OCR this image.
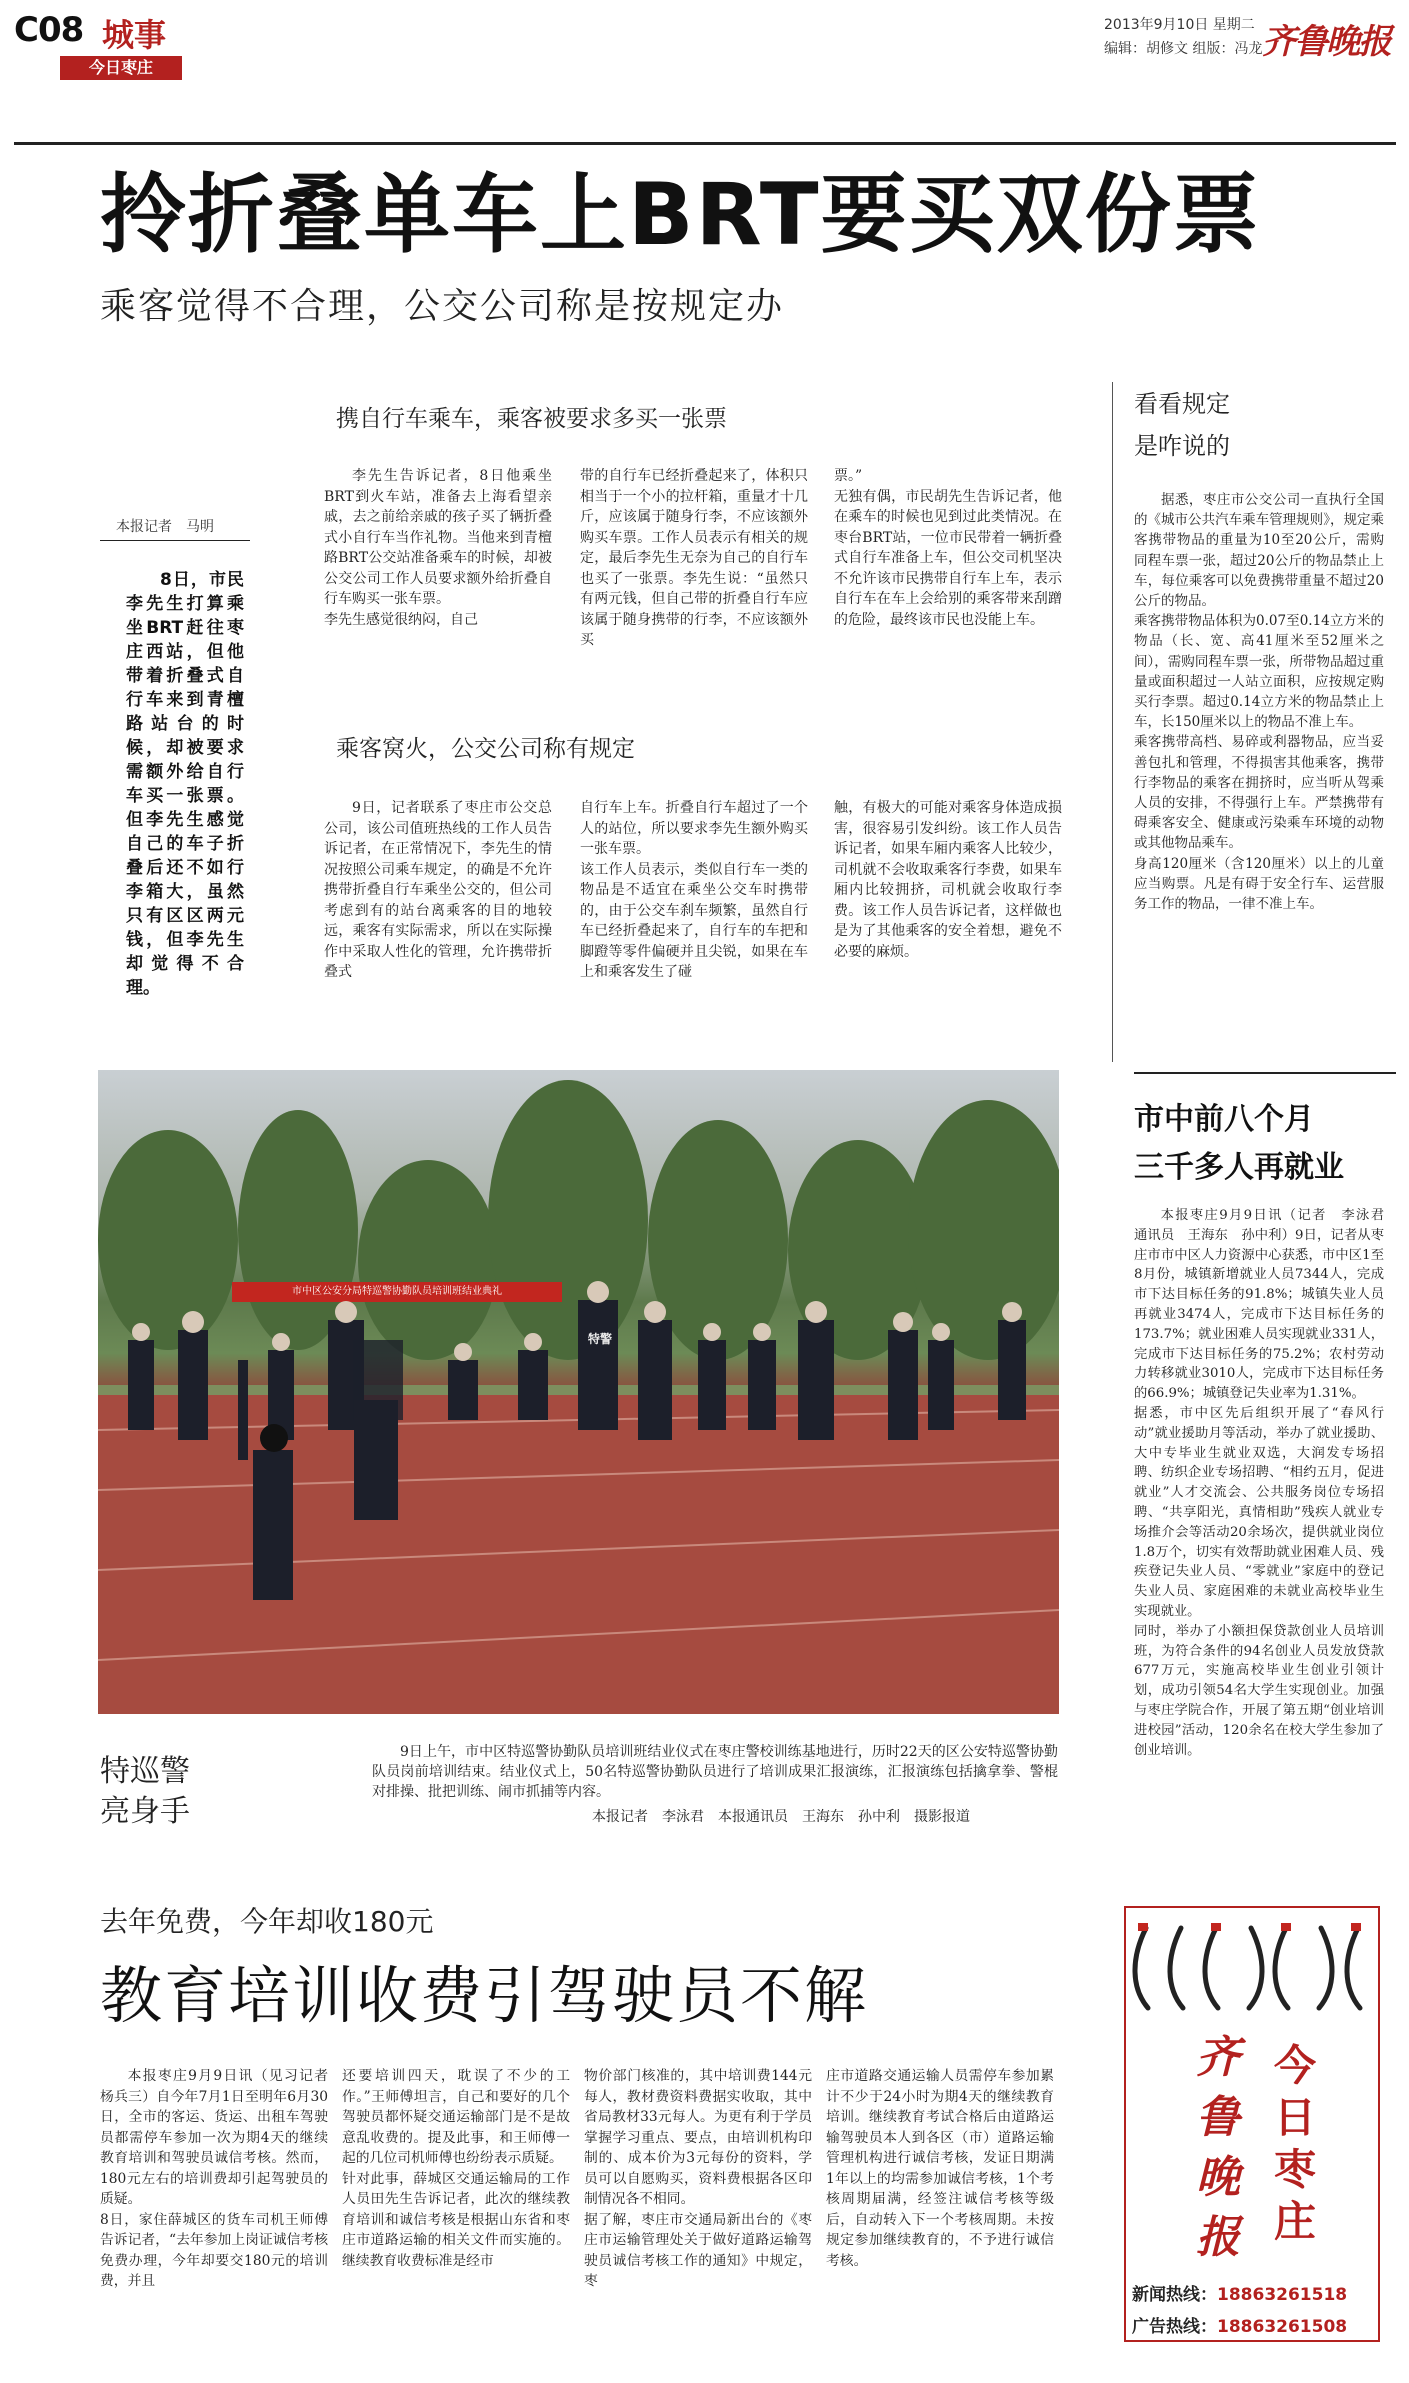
C08 城事
今日枣庄
2013年9月10日 星期二
编辑：胡修文 组版：冯龙 齐鲁晚报
拎折叠单车上BRT要买双份票
乘客觉得不合理，公交公司称是按规定办
本报记者　马明
8日，市民李先生打算乘坐BRT赶往枣庄西站，但他带着折叠式自行车来到青檀路站台的时候，却被要求需额外给自行车买一张票。但李先生感觉自己的车子折叠后还不如行李箱大，虽然只有区区两元钱，但李先生却觉得不合理。
携自行车乘车，乘客被要求多买一张票

李先生告诉记者，8日他乘坐BRT到火车站，准备去上海看望亲戚，去之前给亲戚的孩子买了辆折叠式小自行车当作礼物。当他来到青檀路BRT公交站准备乘车的时候，却被公交公司工作人员要求额外给折叠自行车购买一张车票。
李先生感觉很纳闷，自己

带的自行车已经折叠起来了，体积只相当于一个小的拉杆箱，重量才十几斤，应该属于随身行李，不应该额外购买车票。工作人员表示有相关的规定，最后李先生无奈为自己的自行车也买了一张票。李先生说：“虽然只有两元钱，但自己带的折叠自行车应该属于随身携带的行李，不应该额外买

票。”
无独有偶，市民胡先生告诉记者，他在乘车的时候也见到过此类情况。在枣台BRT站，一位市民带着一辆折叠式自行车准备上车，但公交司机坚决不允许该市民携带自行车上车，表示自行车在车上会给别的乘客带来刮蹭的危险，最终该市民也没能上车。

乘客窝火，公交公司称有规定

9日，记者联系了枣庄市公交总公司，该公司值班热线的工作人员告诉记者，在正常情况下，李先生的情况按照公司乘车规定，的确是不允许携带折叠自行车乘坐公交的，但公司考虑到有的站台离乘客的目的地较远，乘客有实际需求，所以在实际操作中采取人性化的管理，允许携带折叠式

自行车上车。折叠自行车超过了一个人的站位，所以要求李先生额外购买一张车票。
该工作人员表示，类似自行车一类的物品是不适宜在乘坐公交车时携带的，由于公交车刹车频繁，虽然自行车已经折叠起来了，自行车的车把和脚蹬等零件偏硬并且尖锐，如果在车上和乘客发生了碰

触，有极大的可能对乘客身体造成损害，很容易引发纠纷。该工作人员告诉记者，如果车厢内乘客人比较少，司机就不会收取乘客行李费，如果车厢内比较拥挤，司机就会收取行李费。该工作人员告诉记者，这样做也是为了其他乘客的安全着想，避免不必要的麻烦。

看看规定
是咋说的

据悉，枣庄市公交公司一直执行全国的《城市公共汽车乘车管理规则》，规定乘客携带物品的重量为10至20公斤，需购同程车票一张，超过20公斤的物品禁止上车，每位乘客可以免费携带重量不超过20公斤的物品。
乘客携带物品体积为0.07至0.14立方米的物品（长、宽、高41厘米至52厘米之间），需购同程车票一张，所带物品超过重量或面积超过一人站立面积，应按规定购买行李票。超过0.14立方米的物品禁止上车，长150厘米以上的物品不准上车。
乘客携带高档、易碎或利器物品，应当妥善包扎和管理，不得损害其他乘客，携带行李物品的乘客在拥挤时，应当听从驾乘人员的安排，不得强行上车。严禁携带有碍乘客安全、健康或污染乘车环境的动物或其他物品乘车。
身高120厘米（含120厘米）以上的儿童应当购票。凡是有碍于安全行车、运营服务工作的物品，一律不准上车。

市中区公安分局特巡警协勤队员培训班结业典礼
特警
特巡警
亮身手

9日上午，市中区特巡警协勤队员培训班结业仪式在枣庄警校训练基地进行，历时22天的区公安特巡警协勤队员岗前培训结束。结业仪式上，50名特巡警协勤队员进行了培训成果汇报演练，汇报演练包括擒拿拳、警棍对排操、批把训练、闹市抓捕等内容。

本报记者　李泳君　本报通讯员　王海东　孙中利　摄影报道
市中前八个月
三千多人再就业

本报枣庄9月9日讯（记者　李泳君　通讯员　王海东　孙中利）9日，记者从枣庄市市中区人力资源中心获悉，市中区1至8月份，城镇新增就业人员7344人，完成市下达目标任务的91.8%；城镇失业人员再就业3474人，完成市下达目标任务的173.7%；就业困难人员实现就业331人，完成市下达目标任务的75.2%；农村劳动力转移就业3010人，完成市下达目标任务的66.9%；城镇登记失业率为1.31%。
据悉，市中区先后组织开展了“春风行动”就业援助月等活动，举办了就业援助、大中专毕业生就业双选，大润发专场招聘、纺织企业专场招聘、“相约五月，促进就业”人才交流会、公共服务岗位专场招聘、“共享阳光，真情相助”残疾人就业专场推介会等活动20余场次，提供就业岗位1.8万个，切实有效帮助就业困难人员、残疾登记失业人员、“零就业”家庭中的登记失业人员、家庭困难的未就业高校毕业生实现就业。
同时，举办了小额担保贷款创业人员培训班，为符合条件的94名创业人员发放贷款677万元，实施高校毕业生创业引领计划，成功引领54名大学生实现创业。加强与枣庄学院合作，开展了第五期“创业培训进校园”活动，120余名在校大学生参加了创业培训。

齐鲁晚报
今日枣庄
新闻热线：18863261518
广告热线：18863261508
去年免费，今年却收180元
教育培训收费引驾驶员不解

本报枣庄9月9日讯（见习记者　杨兵三）自今年7月1日至明年6月30日，全市的客运、货运、出租车驾驶员都需停车参加一次为期4天的继续教育培训和驾驶员诚信考核。然而，180元左右的培训费却引起驾驶员的质疑。
8日，家住薛城区的货车司机王师傅告诉记者，“去年参加上岗证诚信考核免费办理，今年却要交180元的培训费，并且

还要培训四天，耽误了不少的工作。”王师傅坦言，自己和要好的几个驾驶员都怀疑交通运输部门是不是故意乱收费的。提及此事，和王师傅一起的几位司机师傅也纷纷表示质疑。
针对此事，薛城区交通运输局的工作人员田先生告诉记者，此次的继续教育培训和诚信考核是根据山东省和枣庄市道路运输的相关文件而实施的。继续教育收费标准是经市

物价部门核准的，其中培训费144元每人，教材费资料费据实收取，其中省局教材33元每人。为更有利于学员掌握学习重点、要点，由培训机构印制的、成本价为3元每份的资料，学员可以自愿购买，资料费根据各区印制情况各不相同。
据了解，枣庄市交通局新出台的《枣庄市运输管理处关于做好道路运输驾驶员诚信考核工作的通知》中规定，枣

庄市道路交通运输人员需停车参加累计不少于24小时为期4天的继续教育培训。继续教育考试合格后由道路运输驾驶员本人到各区（市）道路运输管理机构进行诚信考核，发证日期满1年以上的均需参加诚信考核，1个考核周期届满，经签注诚信考核等级后，自动转入下一个考核周期。未按规定参加继续教育的，不予进行诚信考核。
